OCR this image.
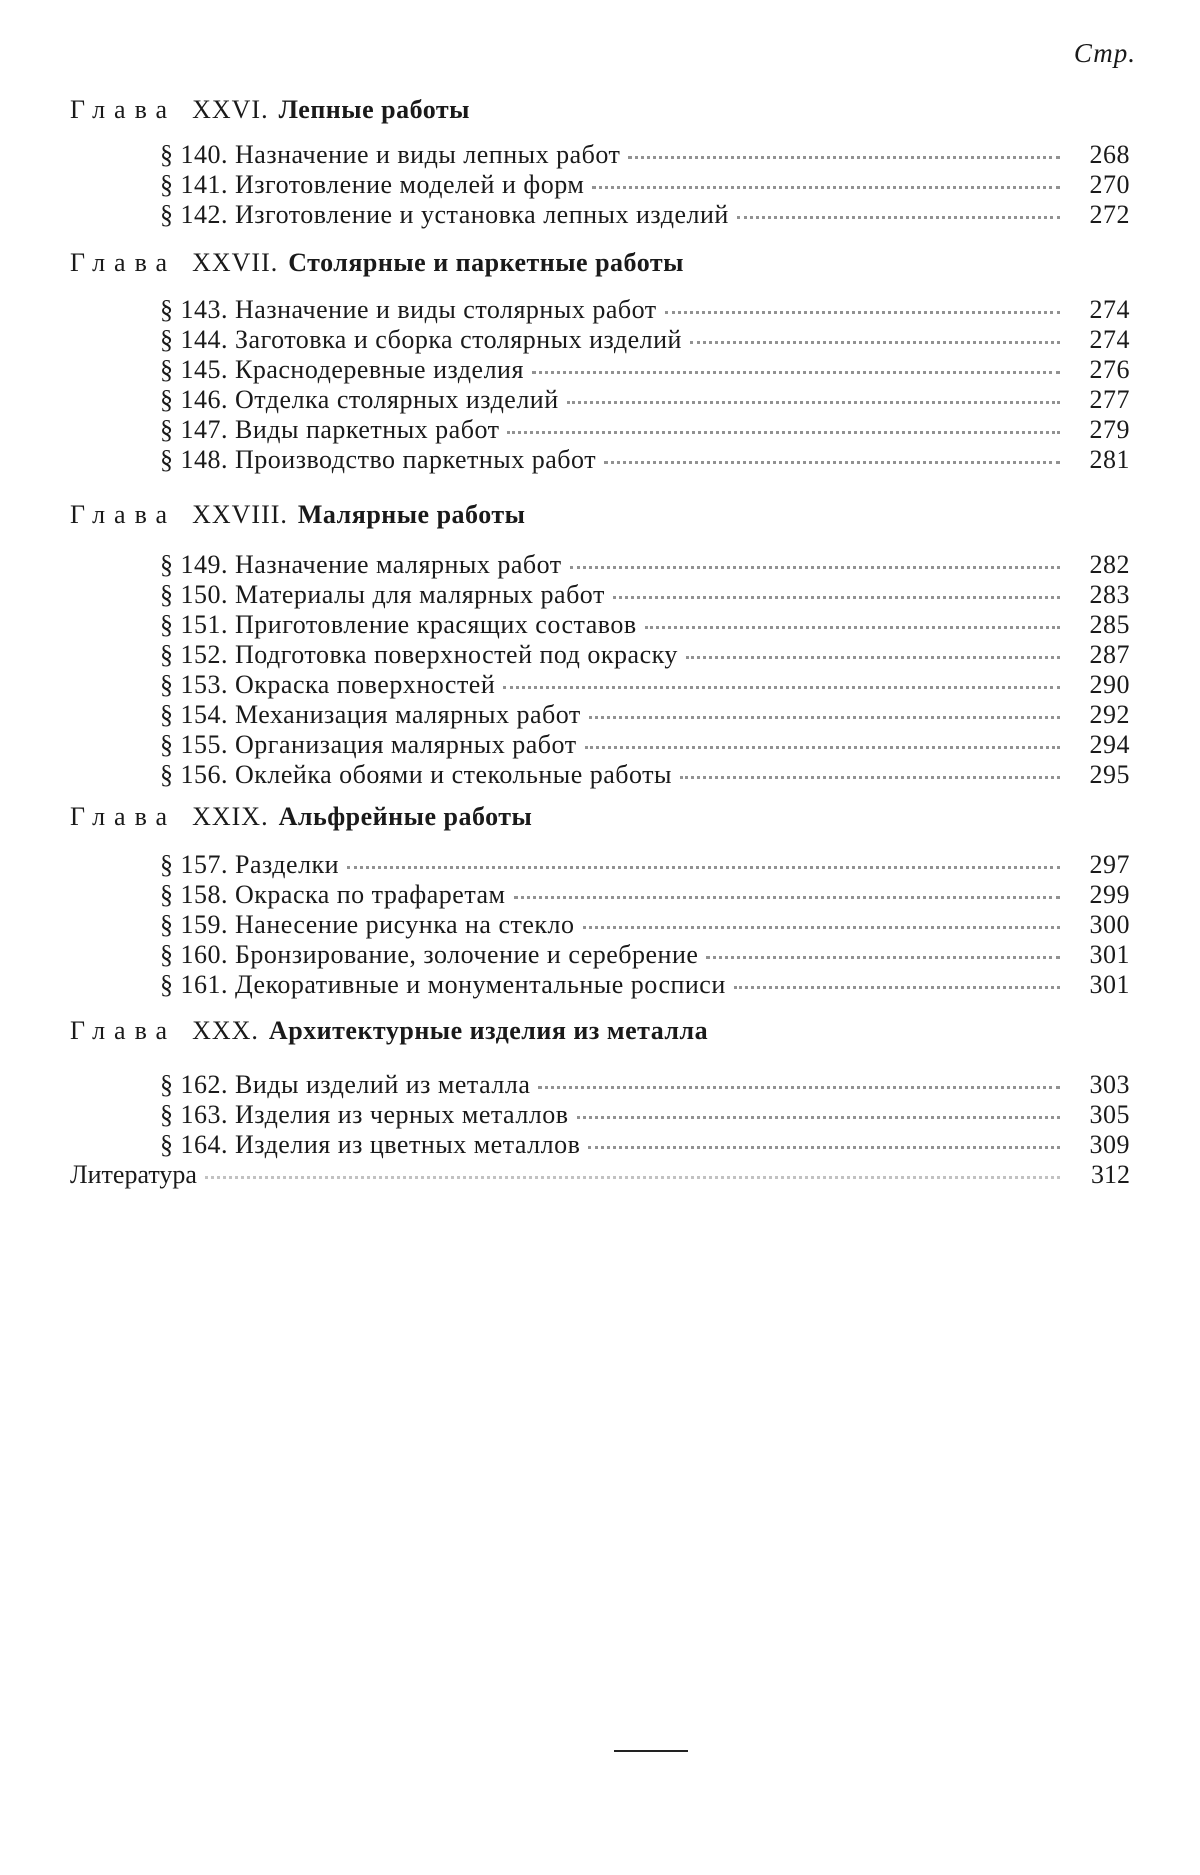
Стр.
Глава XXVI. Лепные работы
§ 140. Назначение и виды лепных работ	268
§ 141. Изготовление моделей и форм	270
§ 142. Изготовление и установка лепных изделий	272
Глава XXVII. Столярные и паркетные работы
§ 143. Назначение и виды столярных работ	274
§ 144. Заготовка и сборка столярных изделий	274
§ 145. Краснодеревные изделия	276
§ 146. Отделка столярных изделий	277
§ 147. Виды паркетных работ	279
§ 148. Производство паркетных работ	281
Глава XXVIII. Малярные работы
§ 149. Назначение малярных работ	282
§ 150. Материалы для малярных работ	283
§ 151. Приготовление красящих составов	285
§ 152. Подготовка поверхностей под окраску	287
§ 153. Окраска поверхностей	290
§ 154. Механизация малярных работ	292
§ 155. Организация малярных работ	294
§ 156. Оклейка обоями и стекольные работы	295
Глава XXIX. Альфрейные работы
§ 157. Разделки	297
§ 158. Окраска по трафаретам	299
§ 159. Нанесение рисунка на стекло	300
§ 160. Бронзирование, золочение и серебрение	301
§ 161. Декоративные и монументальные росписи	301
Глава XXX. Архитектурные изделия из металла
§ 162. Виды изделий из металла	303
§ 163. Изделия из черных металлов	305
§ 164. Изделия из цветных металлов	309
Литература	312
